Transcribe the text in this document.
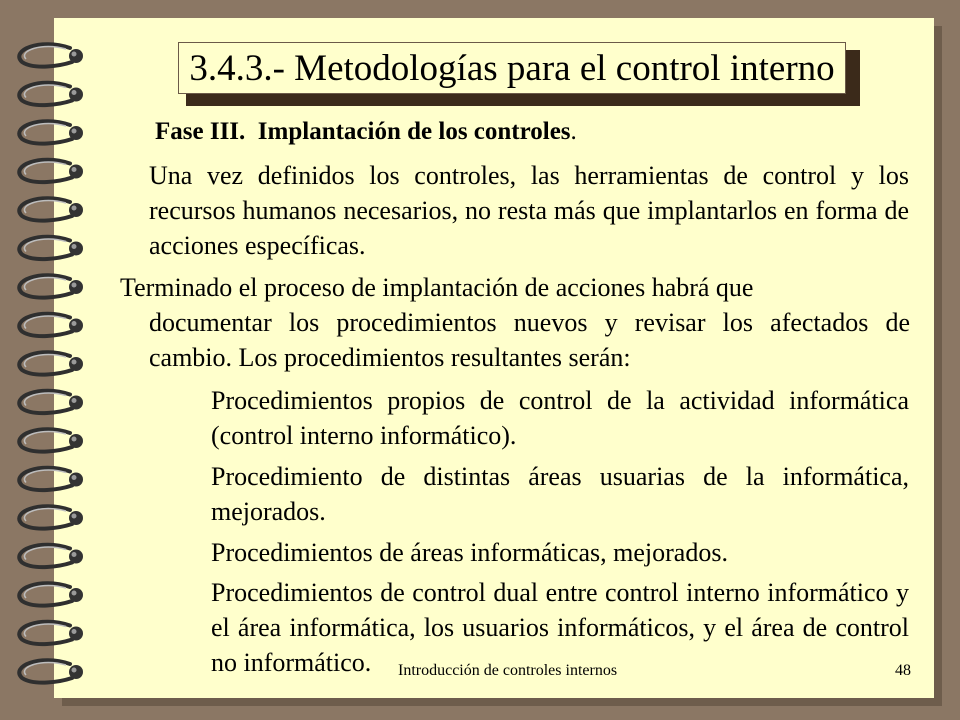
3.4.3.- Metodologías para el control interno
Fase III. Implantación de los controles.
Una vez definidos los controles, las herramientas de control y los recursos humanos necesarios, no resta más que implantarlos en forma de acciones específicas.
Terminado el proceso de implantación de acciones habrá que
documentar los procedimientos nuevos y revisar los afectados de cambio. Los procedimientos resultantes serán:
Procedimientos propios de control de la actividad informática (control interno informático).
Procedimiento de distintas áreas usuarias de la informática, mejorados.
Procedimientos de áreas informáticas, mejorados.
Procedimientos de control dual entre control interno informático y el área informática, los usuarios informáticos, y el área de control no informático.	Introducción de controles internos	48
